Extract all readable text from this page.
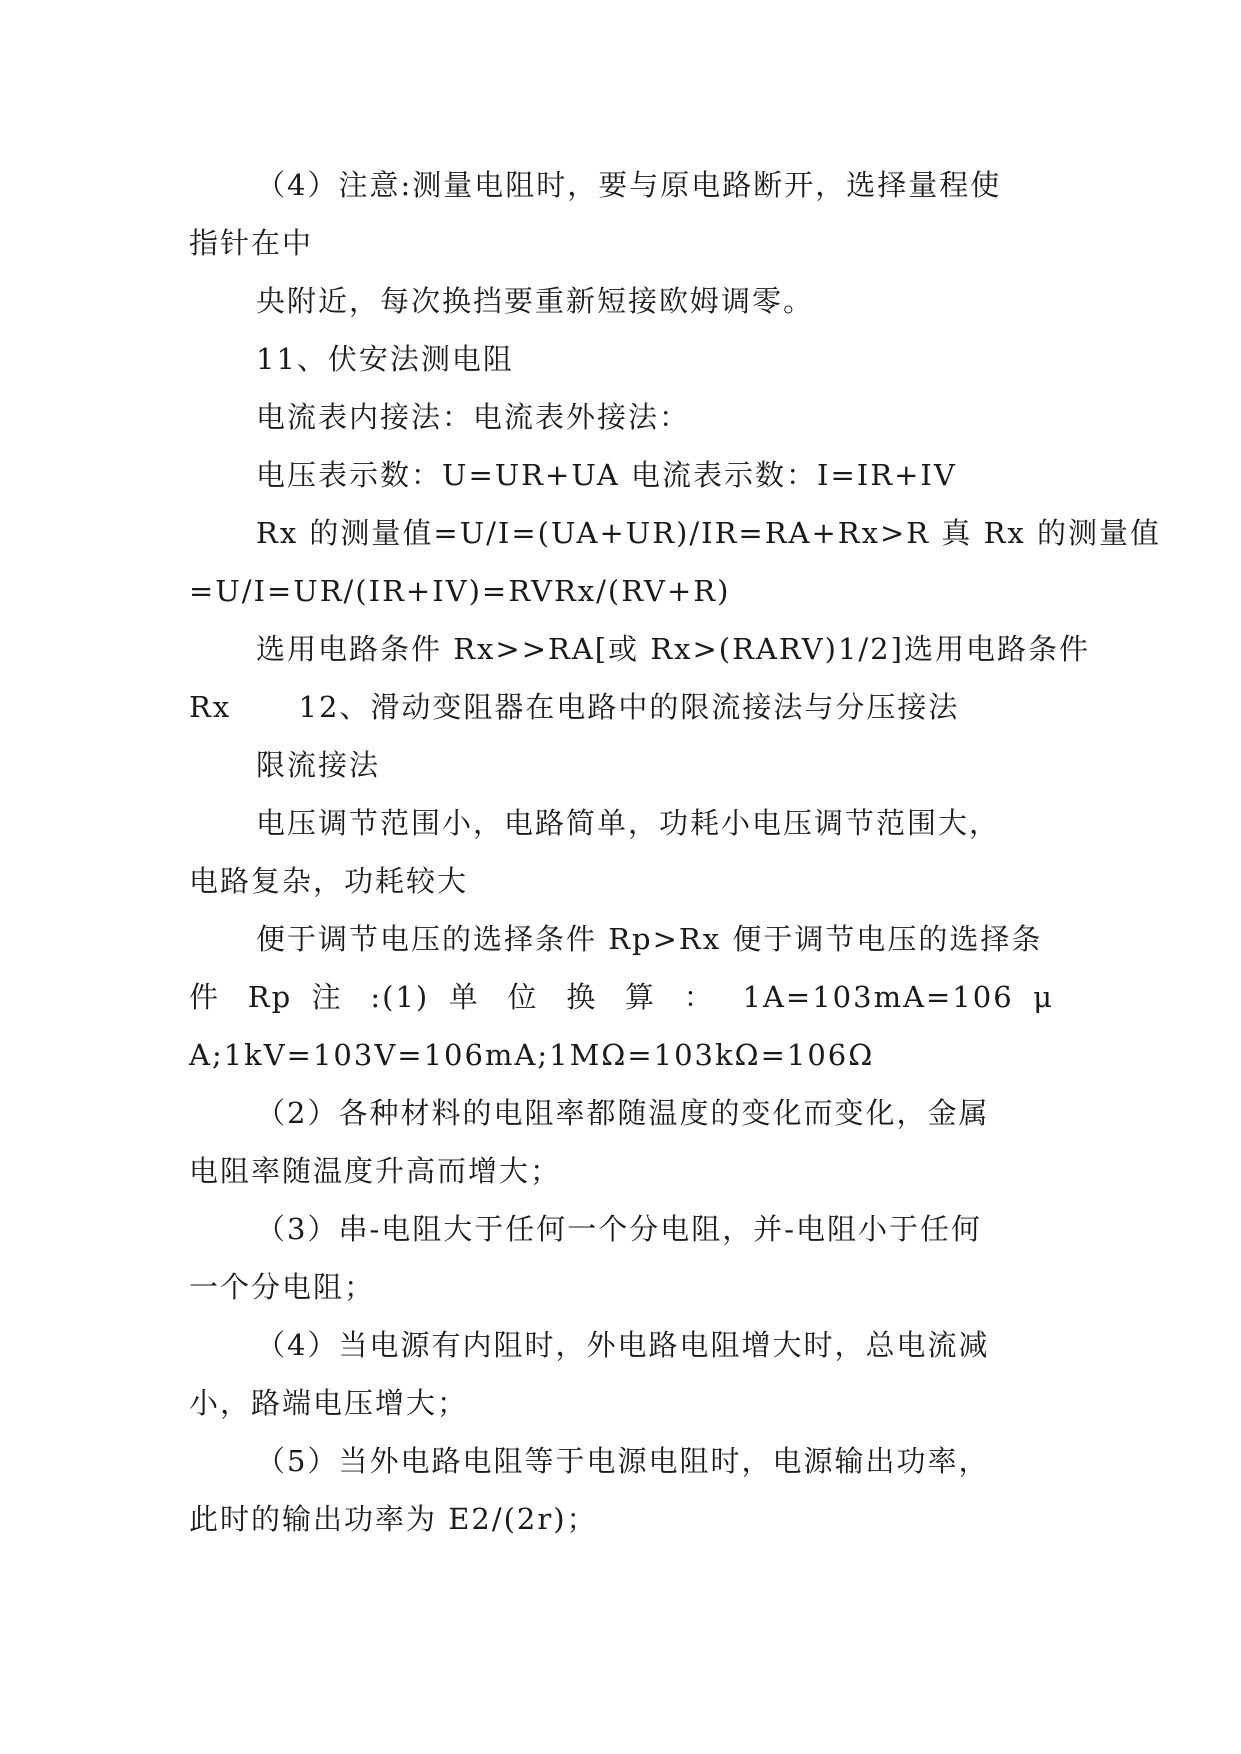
（4）注意:测量电阻时，要与原电路断开，选择量程使
指针在中
央附近，每次换挡要重新短接欧姆调零。
11、伏安法测电阻
电流表内接法：电流表外接法：
电压表示数：U=UR+UA 电流表示数：I=IR+IV
Rx 的测量值=U/I=(UA+UR)/IR=RA+Rx>R 真 Rx 的测量值
=U/I=UR/(IR+IV)=RVRx/(RV+R)
选用电路条件 Rx>>RA[或 Rx>(RARV)1/2]选用电路条件
Rx      12、滑动变阻器在电路中的限流接法与分压接法
限流接法
电压调节范围小，电路简单，功耗小电压调节范围大，
电路复杂，功耗较大
便于调节电压的选择条件 Rp>Rx 便于调节电压的选择条
件 Rp 注 :(1) 单 位 换 算 ： 1A=103mA=106 μ
A;1kV=103V=106mA;1MΩ=103kΩ=106Ω
（2）各种材料的电阻率都随温度的变化而变化，金属
电阻率随温度升高而增大；
（3）串-电阻大于任何一个分电阻，并-电阻小于任何
一个分电阻；
（4）当电源有内阻时，外电路电阻增大时，总电流减
小，路端电压增大；
（5）当外电路电阻等于电源电阻时，电源输出功率，
此时的输出功率为 E2/(2r)；
